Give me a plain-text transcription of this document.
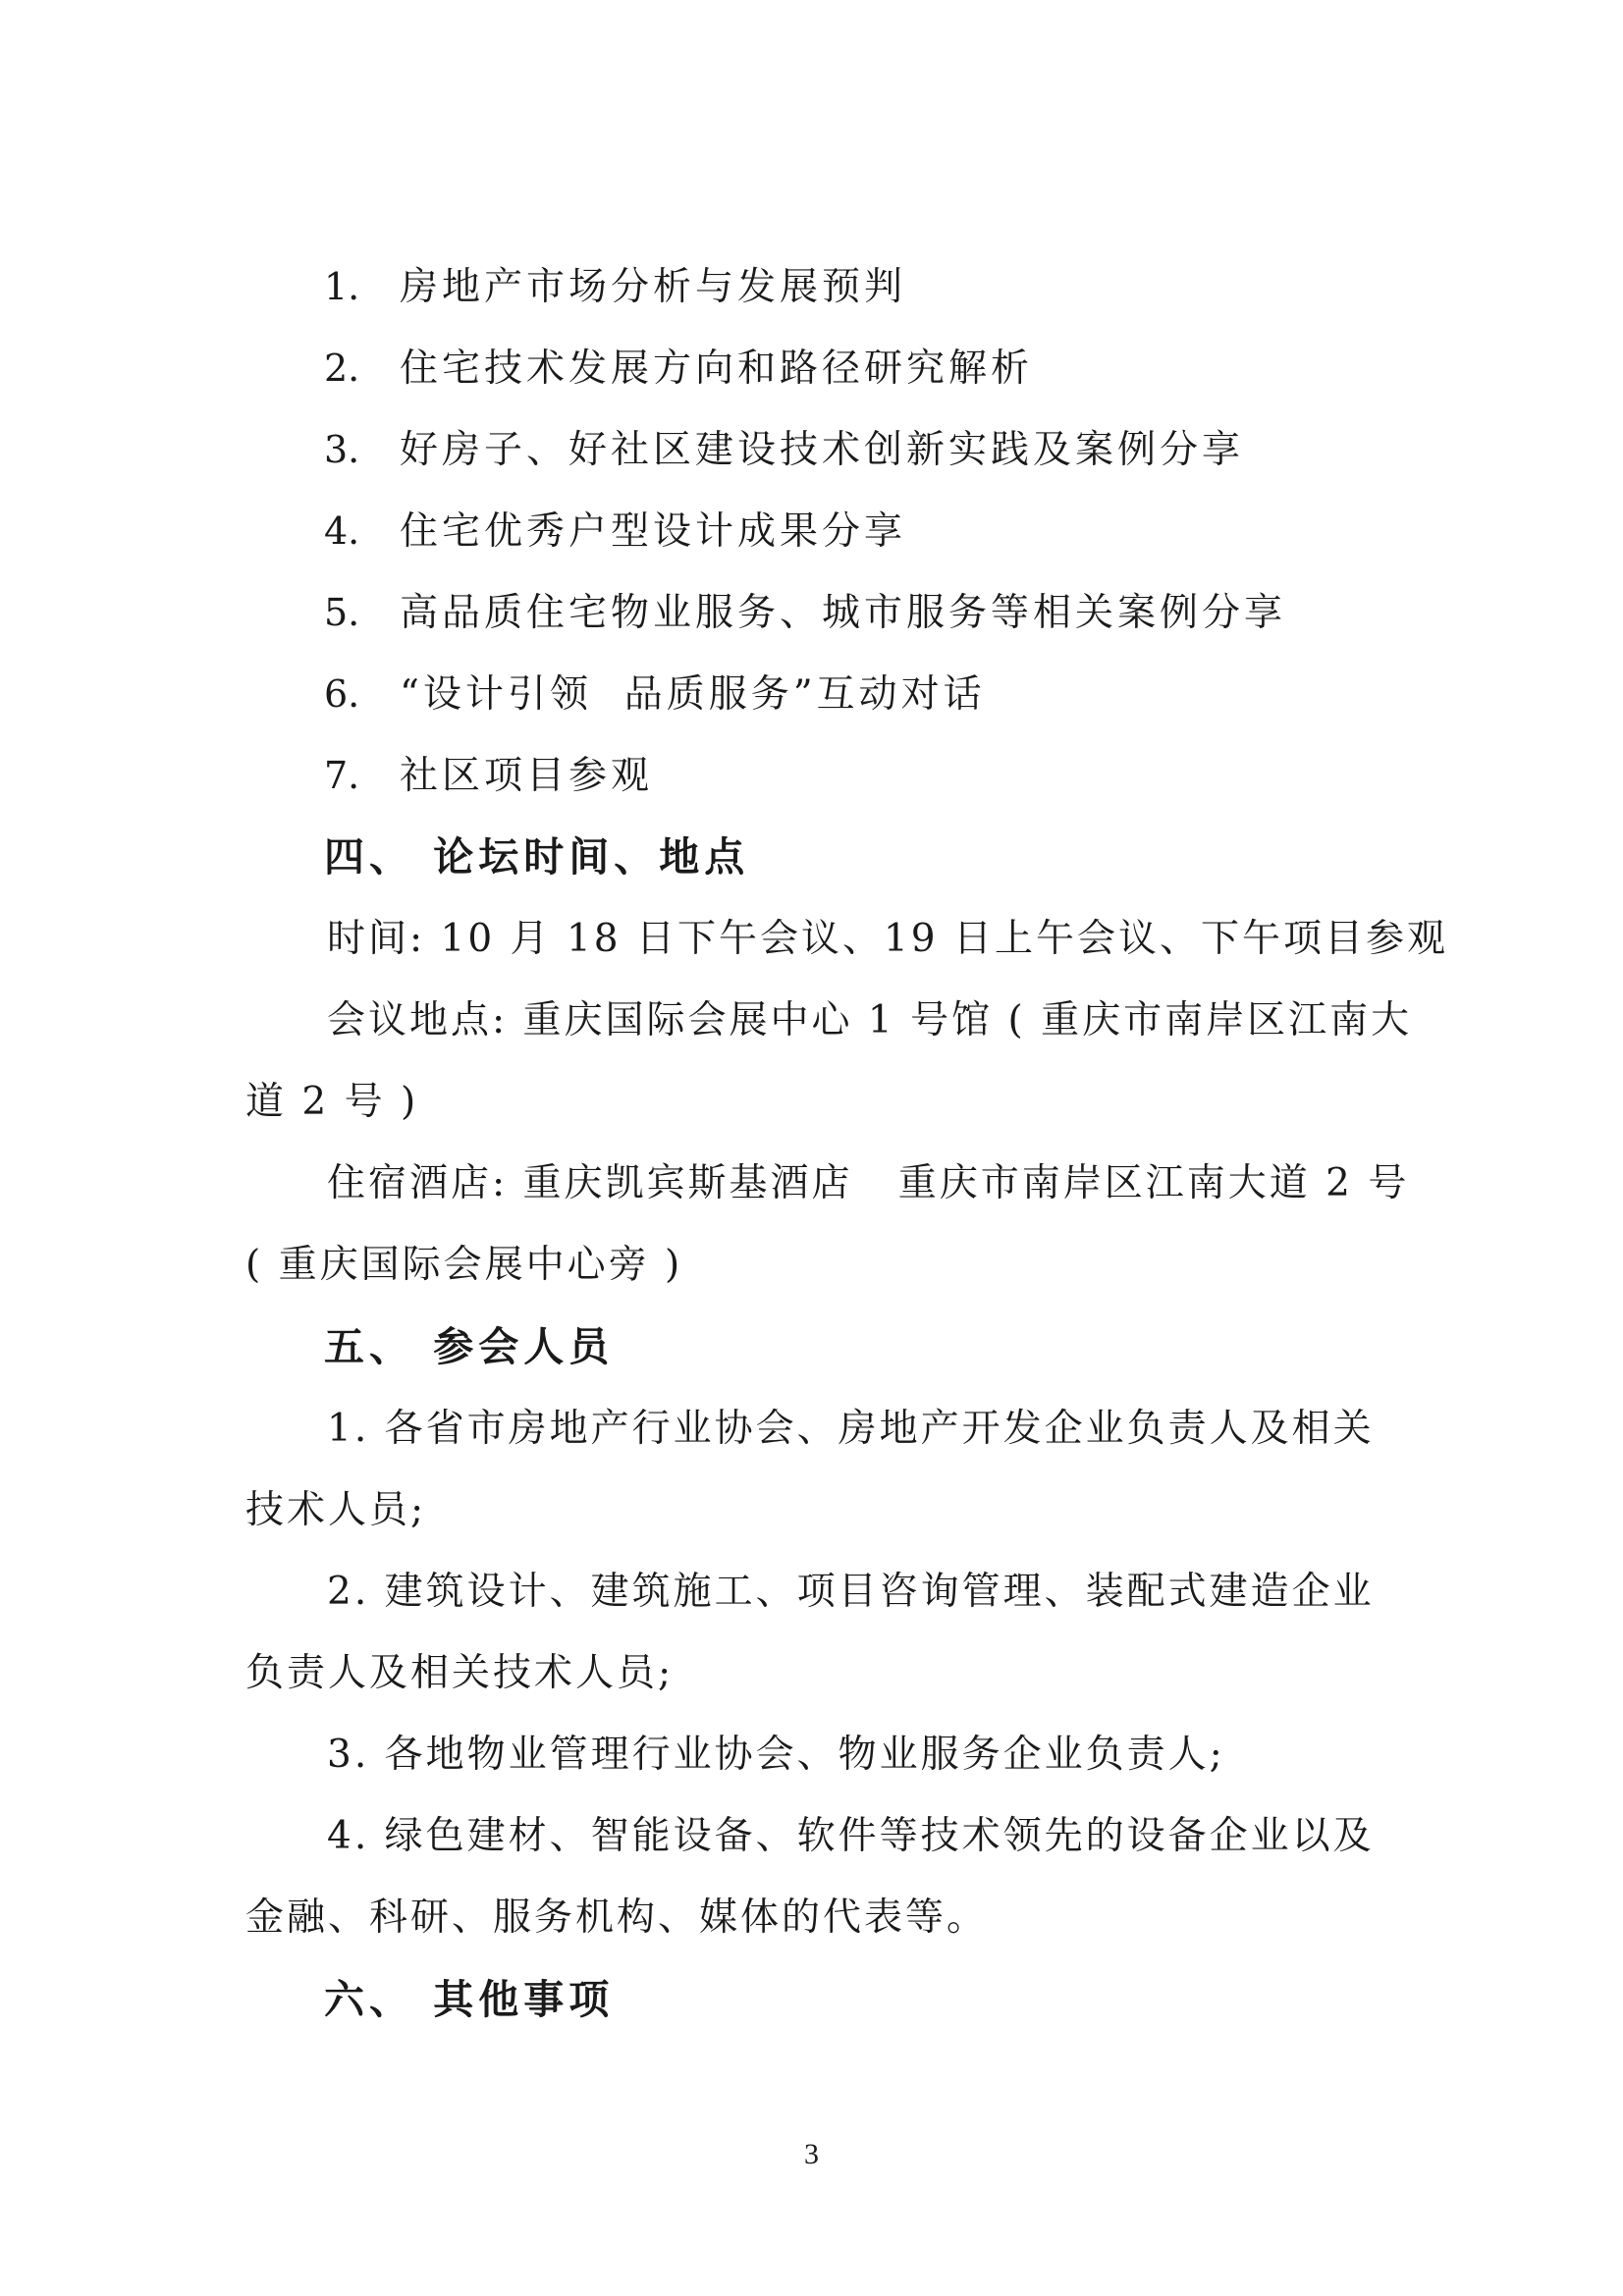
1. 房地产市场分析与发展预判
2. 住宅技术发展方向和路径研究解析
3. 好房子、好社区建设技术创新实践及案例分享
4. 住宅优秀户型设计成果分享
5. 高品质住宅物业服务、城市服务等相关案例分享
6. “设计引领  品质服务”互动对话
7. 社区项目参观
四、 论坛时间、地点
时间: 10 月 18 日下午会议、19 日上午会议、下午项目参观
会议地点: 重庆国际会展中心 1 号馆 ( 重庆市南岸区江南大
道 2 号 )
住宿酒店: 重庆凯宾斯基酒店   重庆市南岸区江南大道 2 号
( 重庆国际会展中心旁 )
五、 参会人员
1. 各省市房地产行业协会、房地产开发企业负责人及相关
技术人员;
2. 建筑设计、建筑施工、项目咨询管理、装配式建造企业
负责人及相关技术人员;
3. 各地物业管理行业协会、物业服务企业负责人;
4. 绿色建材、智能设备、软件等技术领先的设备企业以及
金融、科研、服务机构、媒体的代表等。
六、 其他事项
3
